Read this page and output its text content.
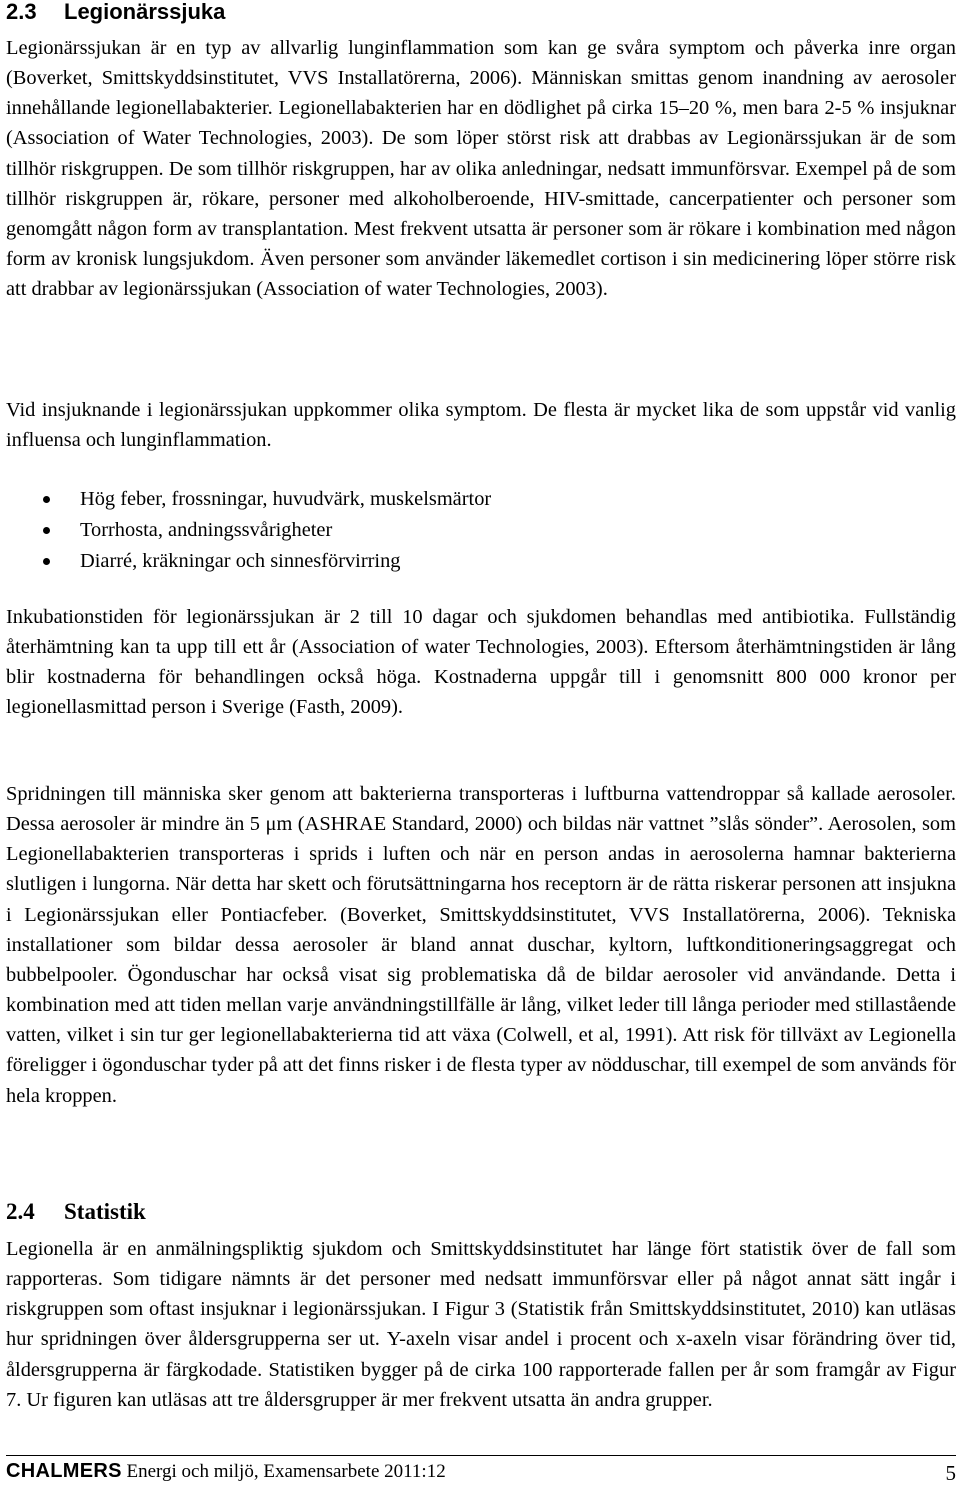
2.3 Legionärssjuka

Legionärssjukan är en typ av allvarlig lunginflammation som kan ge svåra symptom och påverka inre organ (Boverket, Smittskyddsinstitutet, VVS Installatörerna, 2006). Människan smittas genom inandning av aerosoler innehållande legionellabakterier. Legionellabakterien har en dödlighet på cirka 15–20 %, men bara 2-5 % insjuknar (Association of Water Technologies, 2003). De som löper störst risk att drabbas av Legionärssjukan är de som tillhör riskgruppen. De som tillhör riskgruppen, har av olika anledningar, nedsatt immunförsvar. Exempel på de som tillhör riskgruppen är, rökare, personer med alkoholberoende, HIV-smittade, cancerpatienter och personer som genomgått någon form av transplantation. Mest frekvent utsatta är personer som är rökare i kombination med någon form av kronisk lungsjukdom. Även personer som använder läkemedlet cortison i sin medicinering löper större risk att drabbar av legionärssjukan (Association of water Technologies, 2003).

Vid insjuknande i legionärssjukan uppkommer olika symptom. De flesta är mycket lika de som uppstår vid vanlig influensa och lunginflammation.

Hög feber, frossningar, huvudvärk, muskelsmärtor
Torrhosta, andningssvårigheter
Diarré, kräkningar och sinnesförvirring

Inkubationstiden för legionärssjukan är 2 till 10 dagar och sjukdomen behandlas med antibiotika. Fullständig återhämtning kan ta upp till ett år (Association of water Technologies, 2003). Eftersom återhämtningstiden är lång blir kostnaderna för behandlingen också höga. Kostnaderna uppgår till i genomsnitt 800 000 kronor per legionellasmittad person i Sverige (Fasth, 2009).

Spridningen till människa sker genom att bakterierna transporteras i luftburna vattendroppar så kallade aerosoler. Dessa aerosoler är mindre än 5 μm (ASHRAE Standard, 2000) och bildas när vattnet ”slås sönder”. Aerosolen, som Legionellabakterien transporteras i sprids i luften och när en person andas in aerosolerna hamnar bakterierna slutligen i lungorna. När detta har skett och förutsättningarna hos receptorn är de rätta riskerar personen att insjukna i Legionärssjukan eller Pontiacfeber. (Boverket, Smittskyddsinstitutet, VVS Installatörerna, 2006). Tekniska installationer som bildar dessa aerosoler är bland annat duschar, kyltorn, luftkonditioneringsaggregat och bubbelpooler. Ögonduschar har också visat sig problematiska då de bildar aerosoler vid användande. Detta i kombination med att tiden mellan varje användningstillfälle är lång, vilket leder till långa perioder med stillastående vatten, vilket i sin tur ger legionellabakterierna tid att växa (Colwell, et al, 1991). Att risk för tillväxt av Legionella föreligger i ögonduschar tyder på att det finns risker i de flesta typer av nödduschar, till exempel de som används för hela kroppen.

2.4 Statistik

Legionella är en anmälningspliktig sjukdom och Smittskyddsinstitutet har länge fört statistik över de fall som rapporteras. Som tidigare nämnts är det personer med nedsatt immunförsvar eller på något annat sätt ingår i riskgruppen som oftast insjuknar i legionärssjukan. I Figur 3 (Statistik från Smittskyddsinstitutet, 2010) kan utläsas hur spridningen över åldersgrupperna ser ut. Y-axeln visar andel i procent och x-axeln visar förändring över tid, åldersgrupperna är färgkodade. Statistiken bygger på de cirka 100 rapporterade fallen per år som framgår av Figur 7. Ur figuren kan utläsas att tre åldersgrupper är mer frekvent utsatta än andra grupper.

CHALMERS Energi och miljö, Examensarbete 2011:12	5
